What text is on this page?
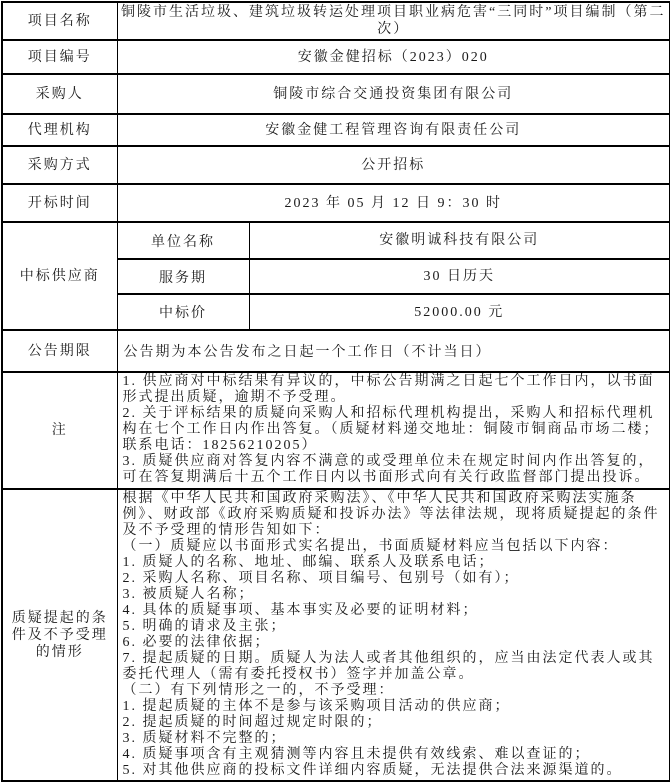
项目名称	铜陵市生活垃圾、建筑垃圾转运处理项目职业病危害“三同时”项目编制（第二次）	
项目编号	安徽金健招标（2023）020	
采购人	铜陵市综合交通投资集团有限公司	
代理机构	安徽金健工程管理咨询有限责任公司	
采购方式	公开招标	
开标时间	2023 年 05 月 12 日 9：30 时	
中标供应商	单位名称	安徽明诚科技有限公司
	服务期	30 日历天
	中标价	52000.00 元
公告期限	公告期为本公告发布之日起一个工作日（不计当日）	
注	1. 供应商对中标结果有异议的，中标公告期满之日起七个工作日内，以书面形式提出质疑，逾期不予受理。
2. 关于评标结果的质疑向采购人和招标代理机构提出，采购人和招标代理机构在七个工作日内作出答复。（质疑材料递交地址：铜陵市铜商品市场二楼；联系电话：18256210205）
3. 质疑供应商对答复内容不满意的或受理单位未在规定时间内作出答复的，可在答复期满后十五个工作日内以书面形式向有关行政监督部门提出投诉。	
质疑提起的条件及不予受理的情形	根据《中华人民共和国政府采购法》、《中华人民共和国政府采购法实施条例》、财政部《政府采购质疑和投诉办法》等法律法规，现将质疑提起的条件及不予受理的情形告知如下：
（一）质疑应以书面形式实名提出，书面质疑材料应当包括以下内容：
1. 质疑人的名称、地址、邮编、联系人及联系电话；
2. 采购人名称、项目名称、项目编号、包别号（如有）；
3. 被质疑人名称；
4. 具体的质疑事项、基本事实及必要的证明材料；
5. 明确的请求及主张；
6. 必要的法律依据；
7. 提起质疑的日期。质疑人为法人或者其他组织的，应当由法定代表人或其委托代理人（需有委托授权书）签字并加盖公章。
（二）有下列情形之一的，不予受理：
1. 提起质疑的主体不是参与该采购项目活动的供应商；
2. 提起质疑的时间超过规定时限的；
3. 质疑材料不完整的；
4. 质疑事项含有主观猜测等内容且未提供有效线索、难以查证的；
5. 对其他供应商的投标文件详细内容质疑，无法提供合法来源渠道的。
